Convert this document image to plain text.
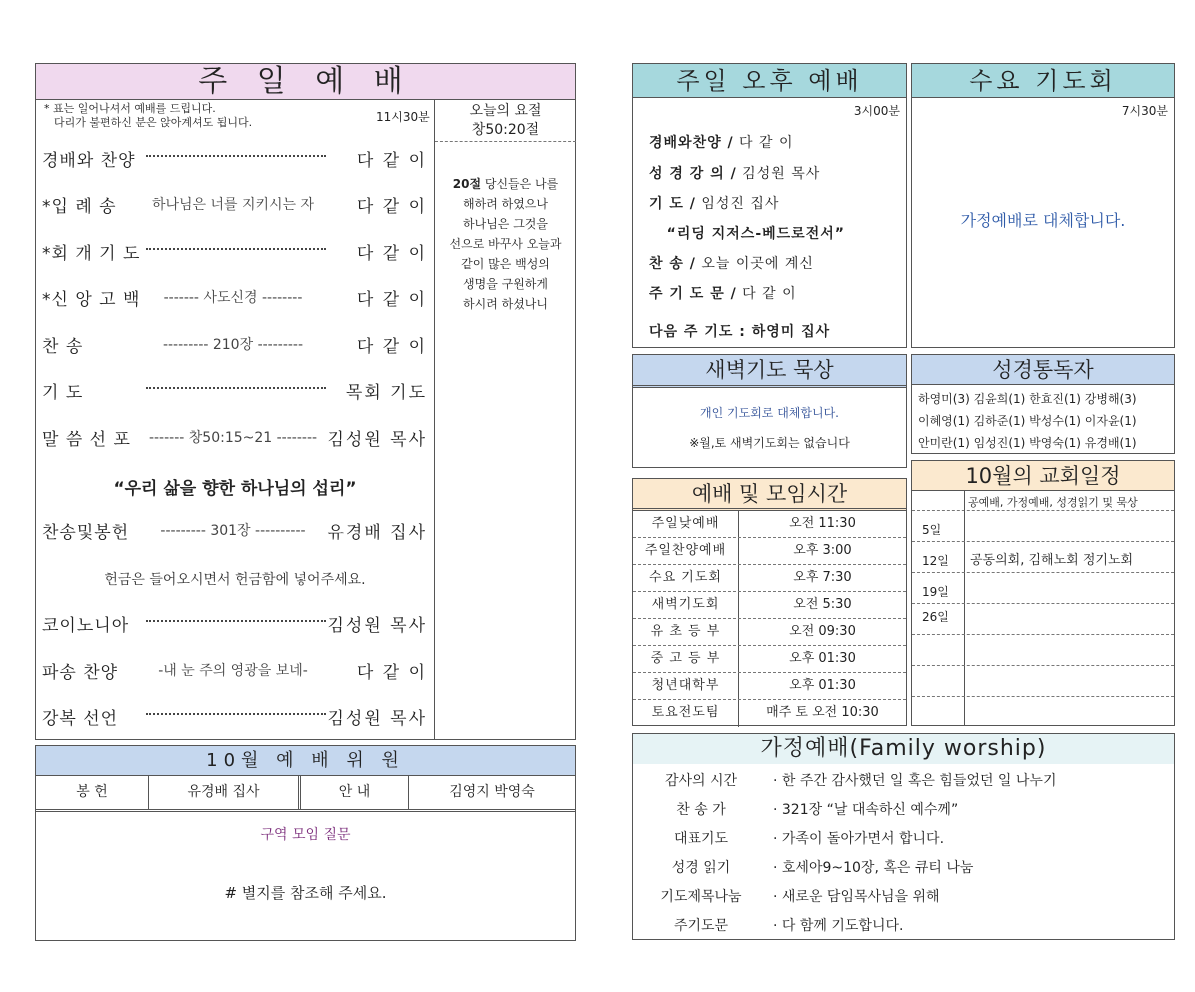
주 일 예 배
* 표는 일어나셔서 예배를 드립니다.
다리가 불편하신 분은 앉아계셔도 됩니다.	11시30분	오늘의 요절
창50:20절
20절 당신들은 나를
해하려 하였으나
하나님은 그것을
선으로 바꾸사 오늘과
같이 많은 백성의
생명을 구원하게
하시려 하셨나니
경배와 찬양	다 같 이
*입 례 송	하나님은 너를 지키시는 자	다 같 이
*회 개 기 도	다 같 이
*신 앙 고 백	------- 사도신경 --------	다 같 이
찬 송	--------- 210장 ---------	다 같 이
기 도	목회 기도
말 씀 선 포	------- 창50:15~21 -------- 김성원 목사
“우리 삶을 향한 하나님의 섭리”
찬송및봉헌	--------- 301장 ----------	유경배 집사
헌금은 들어오시면서 헌금함에 넣어주세요.
코이노니아	김성원 목사
파송 찬양	-내 눈 주의 영광을 보네-	다 같 이
강복 선언	김성원 목사
10월 예 배 위 원
봉 헌	유경배 집사	안 내	김영지 박영숙
구역 모임 질문
# 별지를 참조해 주세요.
주일 오후 예배
3시00분
경배와찬양 / 다 같 이
성 경 강 의 / 김성원 목사
기 도 / 임성진 집사
“리딩 지저스-베드로전서”
찬 송 / 오늘 이곳에 계신
주 기 도 문 / 다 같 이
다음 주 기도 : 하영미 집사
수요 기도회
7시30분
가정예배로 대체합니다.
새벽기도 묵상
개인 기도회로 대체합니다.
※월,토 새벽기도회는 없습니다
성경통독자
하영미(3) 김윤희(1) 한효진(1) 강병해(3)
이혜영(1) 김하준(1) 박성수(1) 이자윤(1)
안미란(1) 임성진(1) 박영숙(1) 유경배(1)
예배 및 모임시간
주일낮예배	오전 11:30
주일찬양예배	오후 3:00
수요 기도회	오후 7:30
새벽기도회	오전 5:30
유 초 등 부	오전 09:30
중 고 등 부	오후 01:30
청년대학부	오후 01:30
토요전도팀	매주 토 오전 10:30
10월의 교회일정
공예배, 가정예배, 성경읽기 및 묵상
5일
12일 공동의회, 김해노회 정기노회
19일
26일
가정예배(Family worship)
감사의 시간	· 한 주간 감사했던 일 혹은 힘들었던 일 나누기
찬 송 가	· 321장 “날 대속하신 예수께”
대표기도	· 가족이 돌아가면서 합니다.
성경 읽기	· 호세아9~10장, 혹은 큐티 나눔
기도제목나눔	· 새로운 담임목사님을 위해
주기도문	· 다 함께 기도합니다.
